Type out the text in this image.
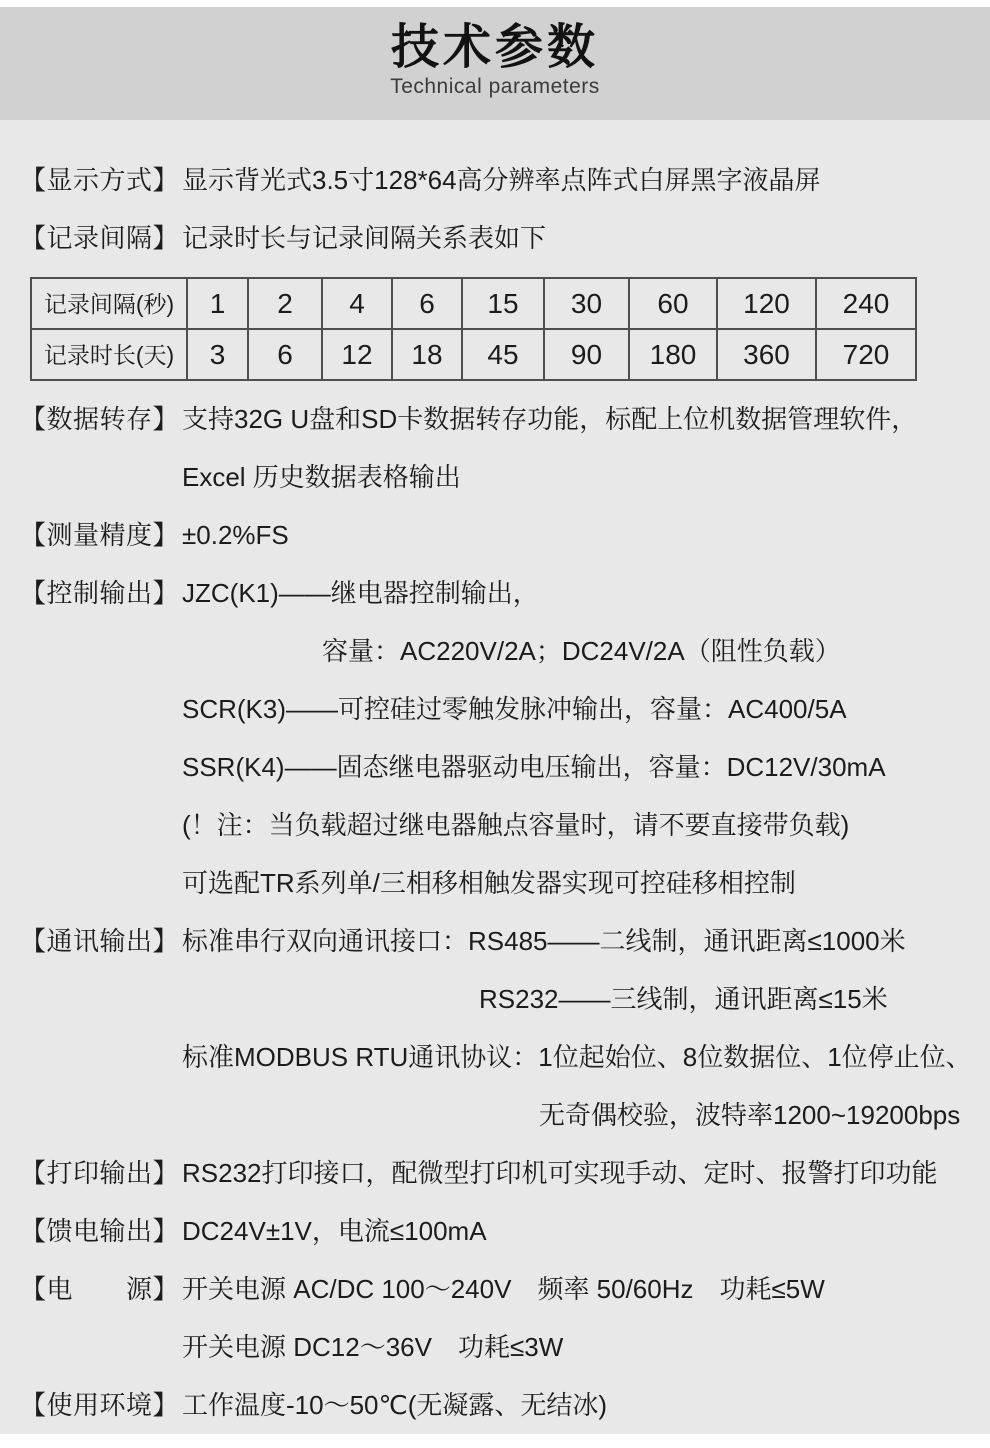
技术参数
Technical parameters
【显示方式】 显示背光式3.5寸128*64高分辨率点阵式白屏黑字液晶屏
【记录间隔】 记录时长与记录间隔关系表如下
记录间隔(秒)	1	2	4	6	15	30	60	120	240
记录时长(天)	3	6	12	18	45	90	180	360	720
【数据转存】 支持32G U盘和SD卡数据转存功能，标配上位机数据管理软件，
Excel 历史数据表格输出
【测量精度】 ±0.2%FS
【控制输出】 JZC(K1)——继电器控制输出，
容量：AC220V/2A；DC24V/2A（阻性负载）
SCR(K3)——可控硅过零触发脉冲输出，容量：AC400/5A
SSR(K4)——固态继电器驱动电压输出，容量：DC12V/30mA
(！注：当负载超过继电器触点容量时，请不要直接带负载)
可选配TR系列单/三相移相触发器实现可控硅移相控制
【通讯输出】 标准串行双向通讯接口：RS485——二线制，通讯距离≤1000米
RS232——三线制，通讯距离≤15米
标准MODBUS RTU通讯协议：1位起始位、8位数据位、1位停止位、
无奇偶校验，波特率1200~19200bps
【打印输出】 RS232打印接口，配微型打印机可实现手动、定时、报警打印功能
【馈电输出】 DC24V±1V，电流≤100mA
【电　　源】 开关电源 AC/DC 100～240V　频率 50/60Hz　功耗≤5W
开关电源 DC12～36V　功耗≤3W
【使用环境】 工作温度-10～50℃(无凝露、无结冰)
